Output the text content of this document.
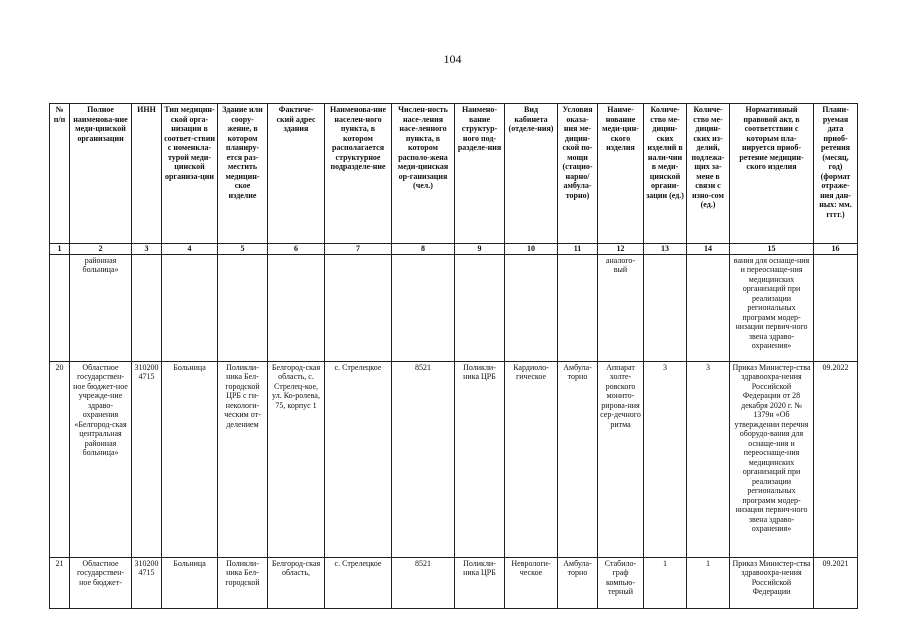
104
№ п/п	Полное наименова-ние меди-цинской организации	ИНН	Тип медицин-ской орга-низации в соответ-ствии с номенкла-турой меди-цинской организа-ции	Здание или соору-жение, в котором планиру-ется раз-местить медицин-ское изделие	Фактиче-ский адрес здания	Наименова-ние населен-ного пункта, в котором располагается структурное подразделе-ние	Числен-ность насе-ления насе-ленного пункта, в котором располо-жена меди-цинская ор-ганизация (чел.)	Наимено-вание структур-ного под-разделе-ния	Вид кабинета (отделе-ния)	Условия оказа-ния ме-дицин-ской по-мощи (стацио-нарно/ амбула-торно)	Наиме-нование меди-цин-ского изделия	Количе-ство ме-дицин-ских изделий в нали-чии в меди-цинской органи-зации (ед.)	Количе-ство ме-дицин-ских из-делий, подлежа-щих за-мене в связи с изно-сом (ед.)	Нормативный правовой акт, в соответствии с которым пла-нируется приоб-ретение медицин-ского изделия	Плани-руемая дата приоб-ретения (месяц, год) (формат отраже-ния дан-ных: мм. гггг.)
1	2	3	4	5	6	7	8	9	10	11	12	13	14	15	16
	районная больница»										аналого-вый			вания для оснаще-ния и переоснаще-ния медицинских организаций при реализации региональных программ модер-низации первич-ного звена здраво-охранения»	
20	Областное государствен-ное бюджет-ное учрежде-ние здраво-охранения «Белгород-ская центральная районная больница»	310200 4715	Больница	Поликли-ника Бел-городской ЦРБ с ги-некологи-ческим от-делением	Белгород-ская область, с. Стрелец-кое, ул. Ко-ролева, 75, корпус 1	с. Стрелецкое	8521	Поликли-ника ЦРБ	Кардиоло-гическое	Амбула-торно	Аппарат холте-ровского монито-рирова-ния сер-дечного ритма	3	3	Приказ Министер-ства здравоохра-нения Российской Федерации от 28 декабря 2020 г. № 1379н «Об утверждении перечня оборудо-вания для оснаще-ния и переоснаще-ния медицинских организаций при реализации региональных программ модер-низации первич-ного звена здраво-охранения»	09.2022
21	Областное государствен-ное бюджет-	310200 4715	Больница	Поликли-ника Бел-городской	Белгород-ская область,	с. Стрелецкое	8521	Поликли-ника ЦРБ	Неврологи-ческое	Амбула-торно	Стабило-граф компью-терный	1	1	Приказ Министер-ства здравоохра-нения Российской Федерации	09.2021
